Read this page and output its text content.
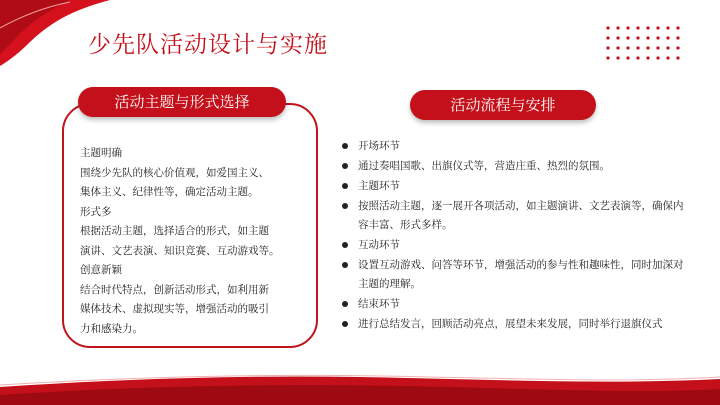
少先队活动设计与实施
活动主题与形式选择
主题明确
围绕少先队的核心价值观，如爱国主义、
集体主义、纪律性等，确定活动主题。
形式多
根据活动主题，选择适合的形式，如主题
演讲、文艺表演、知识竞赛、互动游戏等。
创意新颖
结合时代特点，创新活动形式，如利用新
媒体技术、虚拟现实等，增强活动的吸引
力和感染力。
活动流程与安排
开场环节
通过奏唱国歌、出旗仪式等，营造庄重、热烈的氛围。
主题环节
按照活动主题，逐一展开各项活动，如主题演讲、文艺表演等，确保内容丰富、形式多样。
互动环节
设置互动游戏、问答等环节，增强活动的参与性和趣味性，同时加深对主题的理解。
结束环节
进行总结发言，回顾活动亮点，展望未来发展，同时举行退旗仪式
